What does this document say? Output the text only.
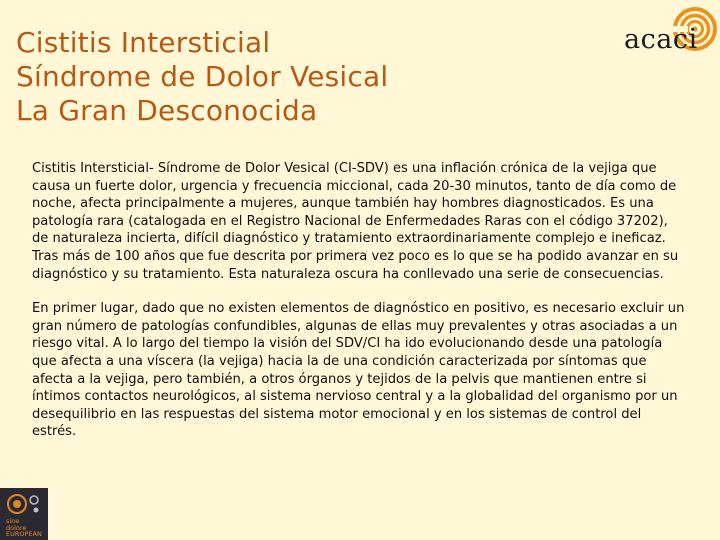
Cistitis Intersticial
Síndrome de Dolor Vesical
La Gran Desconocida
acaci

Cistitis Intersticial- Síndrome de Dolor Vesical (CI-SDV) es una inflación crónica de la vejiga que causa un fuerte dolor, urgencia y frecuencia miccional, cada 20-30 minutos, tanto de día como de noche, afecta principalmente a mujeres, aunque también hay hombres diagnosticados. Es una patología rara (catalogada en el Registro Nacional de Enfermedades Raras con el código 37202), de naturaleza incierta, difícil diagnóstico y tratamiento extraordinariamente complejo e ineficaz. Tras más de 100 años que fue descrita por primera vez poco es lo que se ha podido avanzar en su diagnóstico y su tratamiento. Esta naturaleza oscura ha conllevado una serie de consecuencias.

En primer lugar, dado que no existen elementos de diagnóstico en positivo, es necesario excluir un gran número de patologías confundibles, algunas de ellas muy prevalentes y otras asociadas a un riesgo vital. A lo largo del tiempo la visión del SDV/CI ha ido evolucionando desde una patología que afecta a una víscera (la vejiga) hacia la de una condición caracterizada por síntomas que afecta a la vejiga, pero también, a otros órganos y tejidos de la pelvis que mantienen entre si íntimos contactos neurológicos, al sistema nervioso central y a la globalidad del organismo por un desequilibrio en las respuestas del sistema motor emocional y en los sistemas de control del estrés.

sine
dolore
EUROPEAN
